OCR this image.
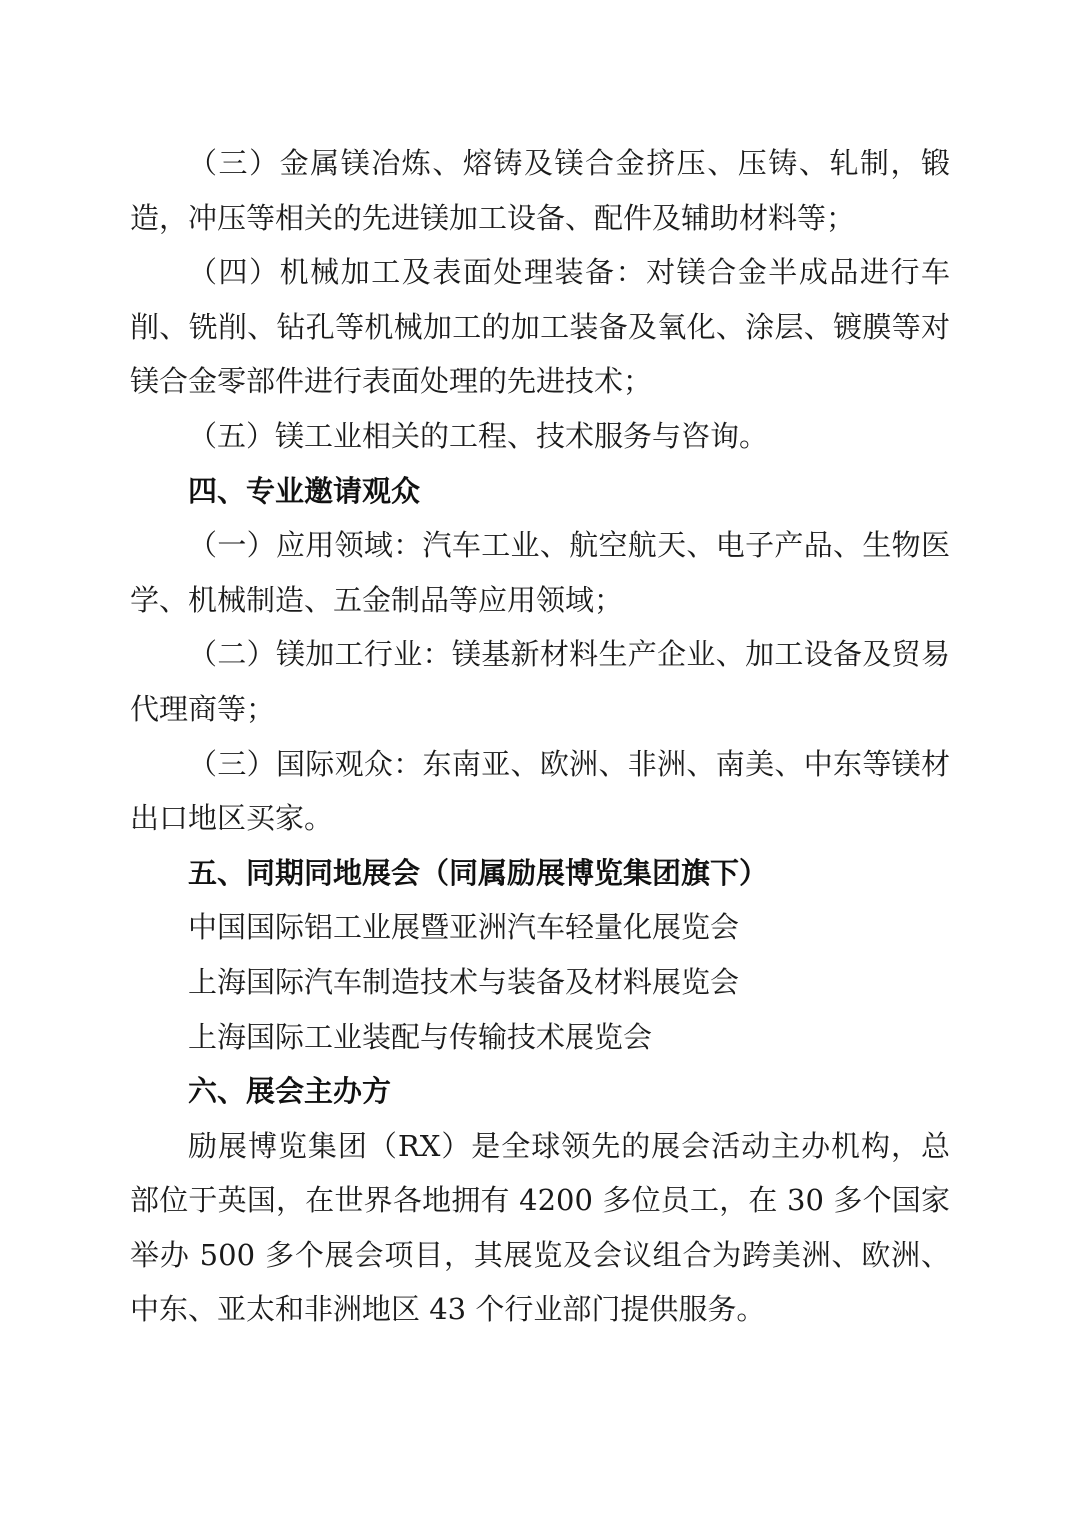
（三）金属镁冶炼、熔铸及镁合金挤压、压铸、轧制，锻造，冲压等相关的先进镁加工设备、配件及辅助材料等；

（四）机械加工及表面处理装备：对镁合金半成品进行车削、铣削、钻孔等机械加工的加工装备及氧化、涂层、镀膜等对镁合金零部件进行表面处理的先进技术；

（五）镁工业相关的工程、技术服务与咨询。

四、专业邀请观众

（一）应用领域：汽车工业、航空航天、电子产品、生物医学、机械制造、五金制品等应用领域；

（二）镁加工行业：镁基新材料生产企业、加工设备及贸易代理商等；

（三）国际观众：东南亚、欧洲、非洲、南美、中东等镁材出口地区买家。

五、同期同地展会（同属励展博览集团旗下）

中国国际铝工业展暨亚洲汽车轻量化展览会

上海国际汽车制造技术与装备及材料展览会

上海国际工业装配与传输技术展览会

六、展会主办方

励展博览集团（RX）是全球领先的展会活动主办机构，总部位于英国，在世界各地拥有 4200 多位员工，在 30 多个国家举办 500 多个展会项目，其展览及会议组合为跨美洲、欧洲、中东、亚太和非洲地区 43 个行业部门提供服务。
